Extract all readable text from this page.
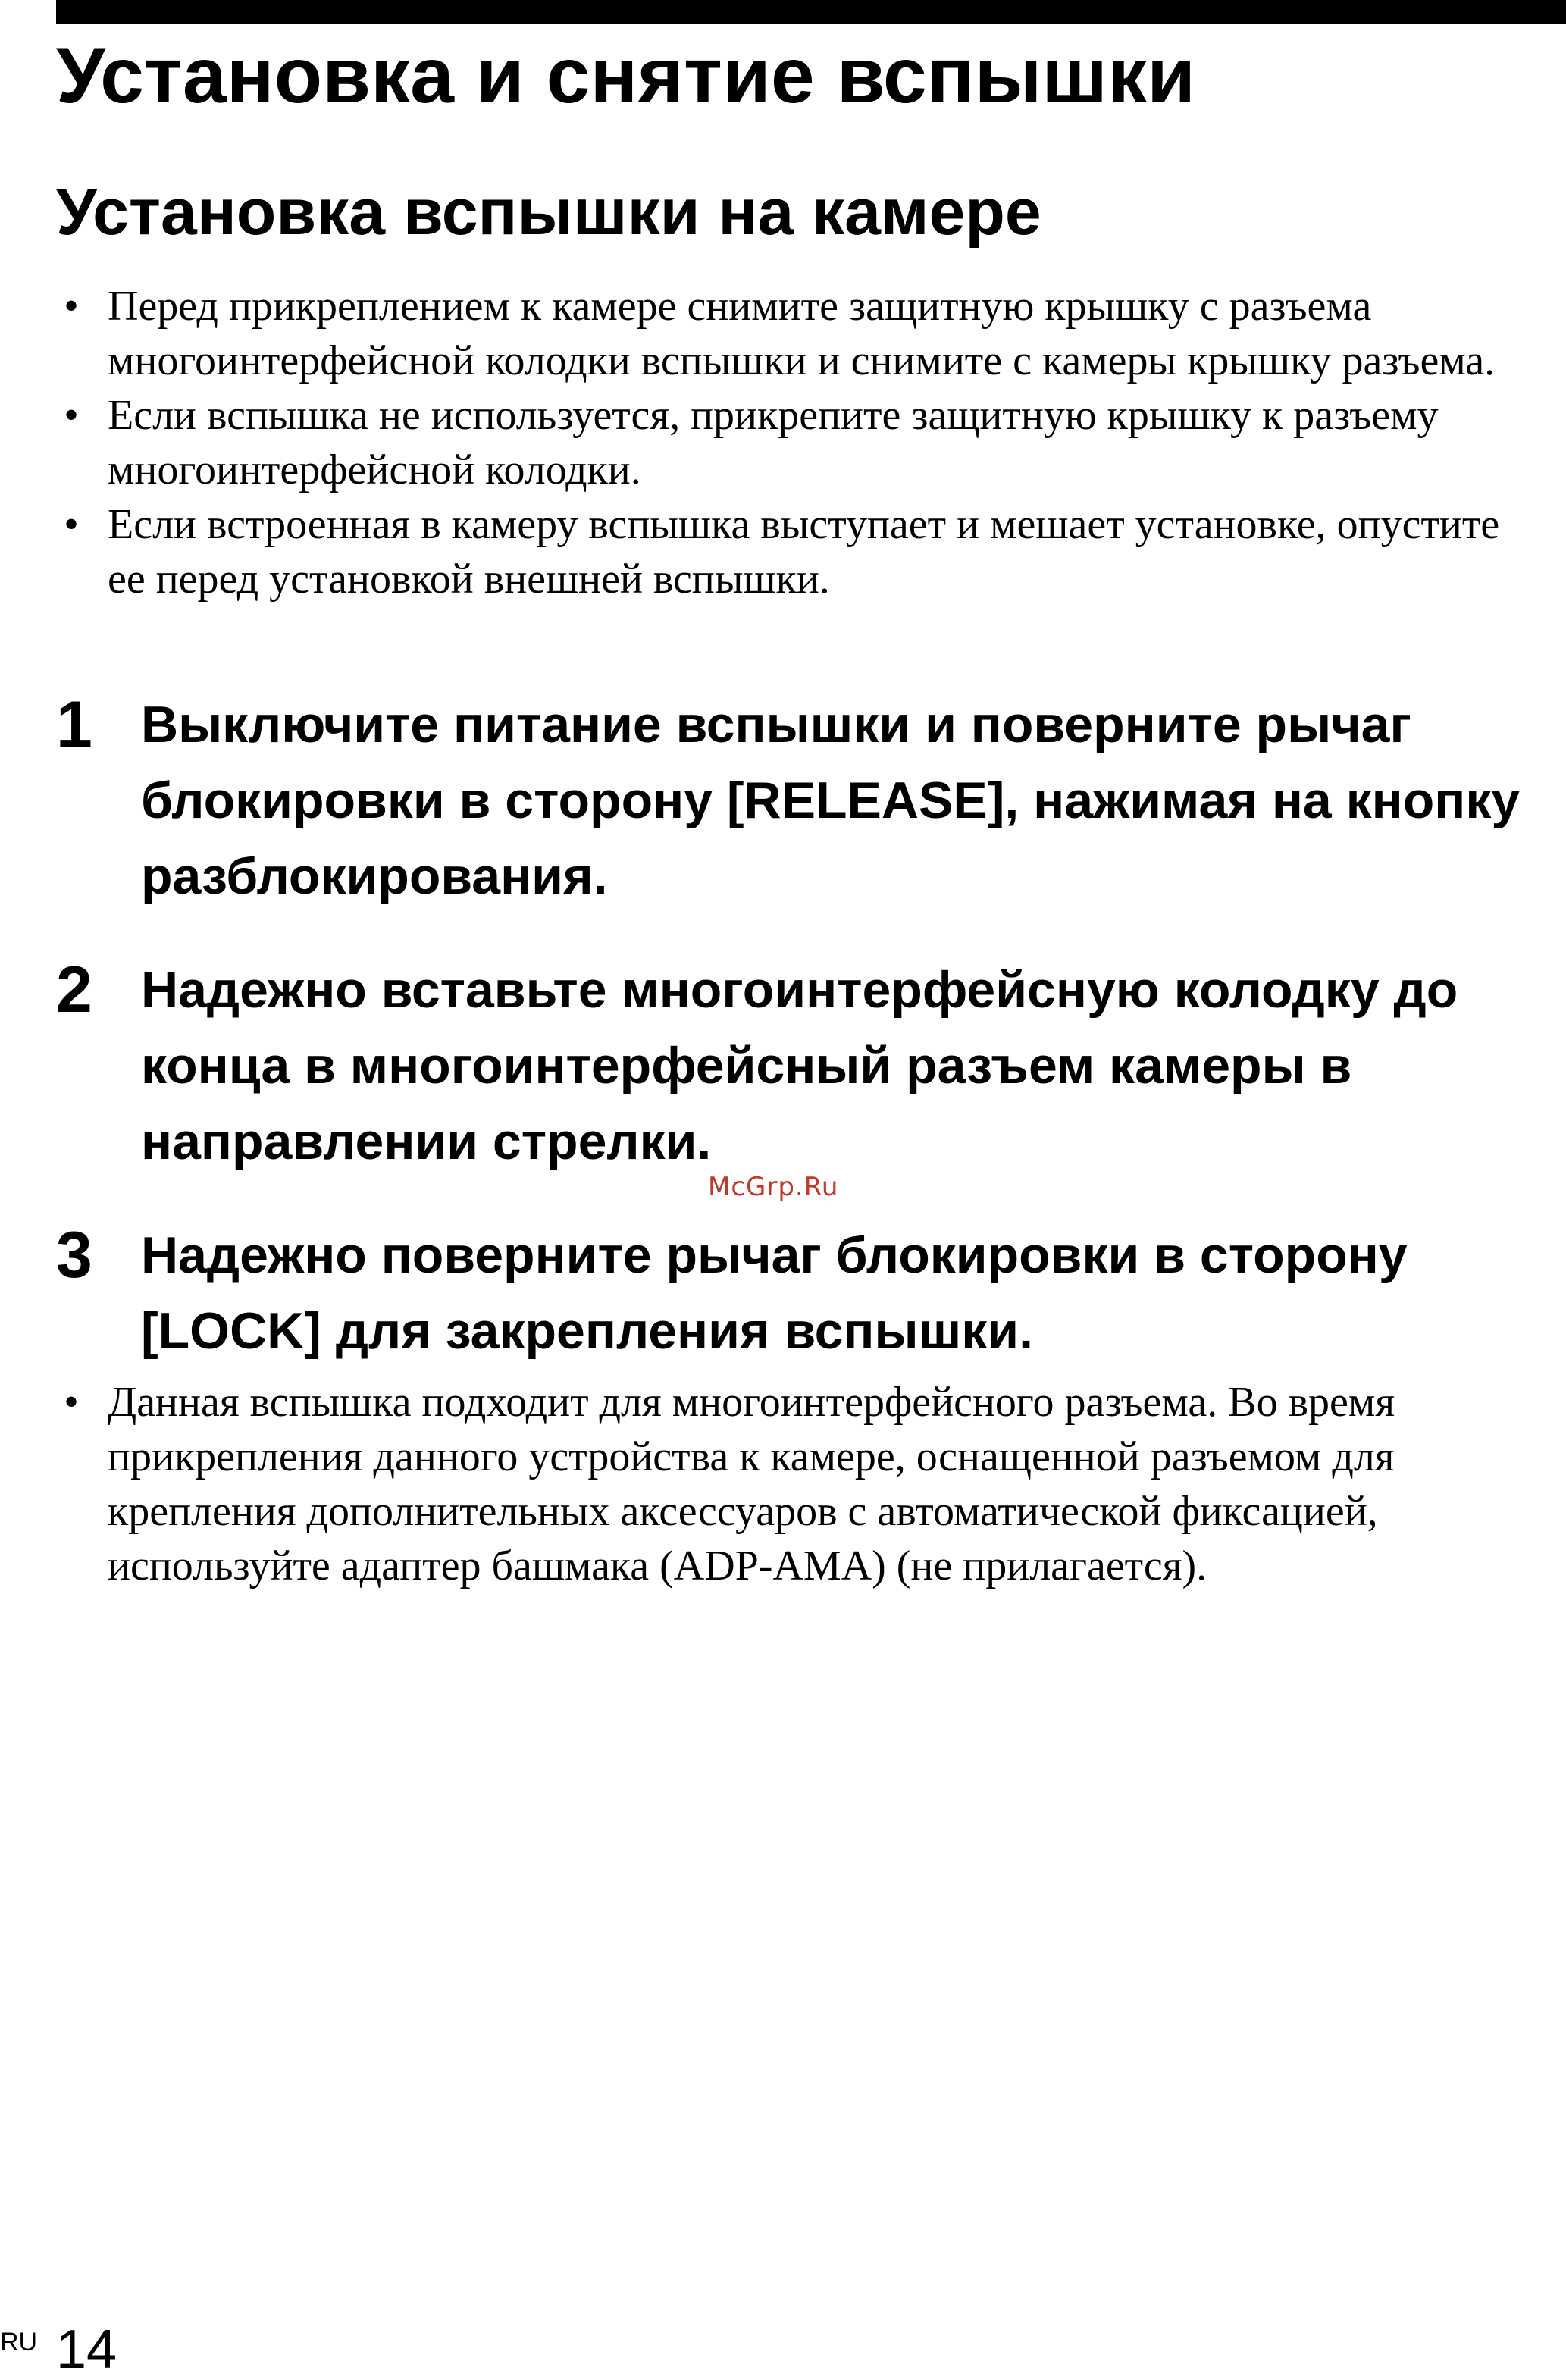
Установка и снятие вспышки
Установка вспышки на камере
• Перед прикреплением к камере снимите защитную крышку с разъема многоинтерфейсной колодки вспышки и снимите с камеры крышку разъема.
• Если вспышка не используется, прикрепите защитную крышку к разъему многоинтерфейсной колодки.
• Если встроенная в камеру вспышка выступает и мешает установке, опустите ее перед установкой внешней вспышки.
1 Выключите питание вспышки и поверните рычаг блокировки в сторону [RELEASE], нажимая на кнопку разблокирования.
2 Надежно вставьте многоинтерфейсную колодку до конца в многоинтерфейсный разъем камеры в направлении стрелки.
McGrp.Ru
3 Надежно поверните рычаг блокировки в сторону [LOCK] для закрепления вспышки.
• Данная вспышка подходит для многоинтерфейсного разъема. Во время прикрепления данного устройства к камере, оснащенной разъемом для крепления дополнительных аксессуаров с автоматической фиксацией, используйте адаптер башмака (ADP-AMA) (не прилагается).
RU 14
